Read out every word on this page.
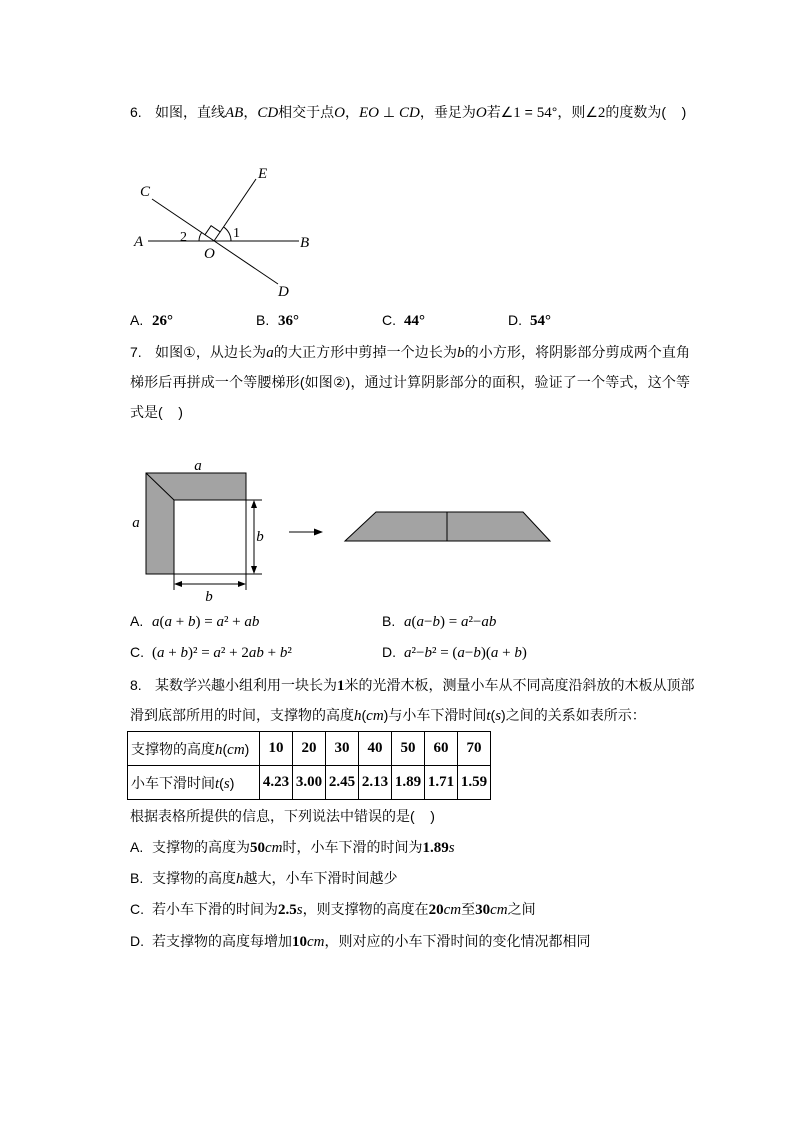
6. 如图，直线AB，CD相交于点O，EO ⊥ CD，垂足为O若∠1 = 54°，则∠2的度数为(    )
C
E
A	B
O
D
2	1
A. 26°	B. 36°	C. 44°	D. 54°
7. 如图①，从边长为a的大正方形中剪掉一个边长为b的小方形，将阴影部分剪成两个直角
梯形后再拼成一个等腰梯形(如图②)，通过计算阴影部分的面积，验证了一个等式，这个等
式是(    )
a
a
b
b
A. a(a + b) = a² + ab	B. a(a−b) = a²−ab
C. (a + b)² = a² + 2ab + b²	D. a²−b² = (a−b)(a + b)
8. 某数学兴趣小组利用一块长为1米的光滑木板，测量小车从不同高度沿斜放的木板从顶部
滑到底部所用的时间，支撑物的高度h(cm)与小车下滑时间t(s)之间的关系如表所示：
支撑物的高度h(cm)	10	20	30	40	50	60	70
小车下滑时间t(s)	4.23	3.00	2.45	2.13	1.89	1.71	1.59
根据表格所提供的信息，下列说法中错误的是(    )
A. 支撑物的高度为50cm时，小车下滑的时间为1.89s
B. 支撑物的高度h越大，小车下滑时间越少
C. 若小车下滑的时间为2.5s，则支撑物的高度在20cm至30cm之间
D. 若支撑物的高度每增加10cm，则对应的小车下滑时间的变化情况都相同
